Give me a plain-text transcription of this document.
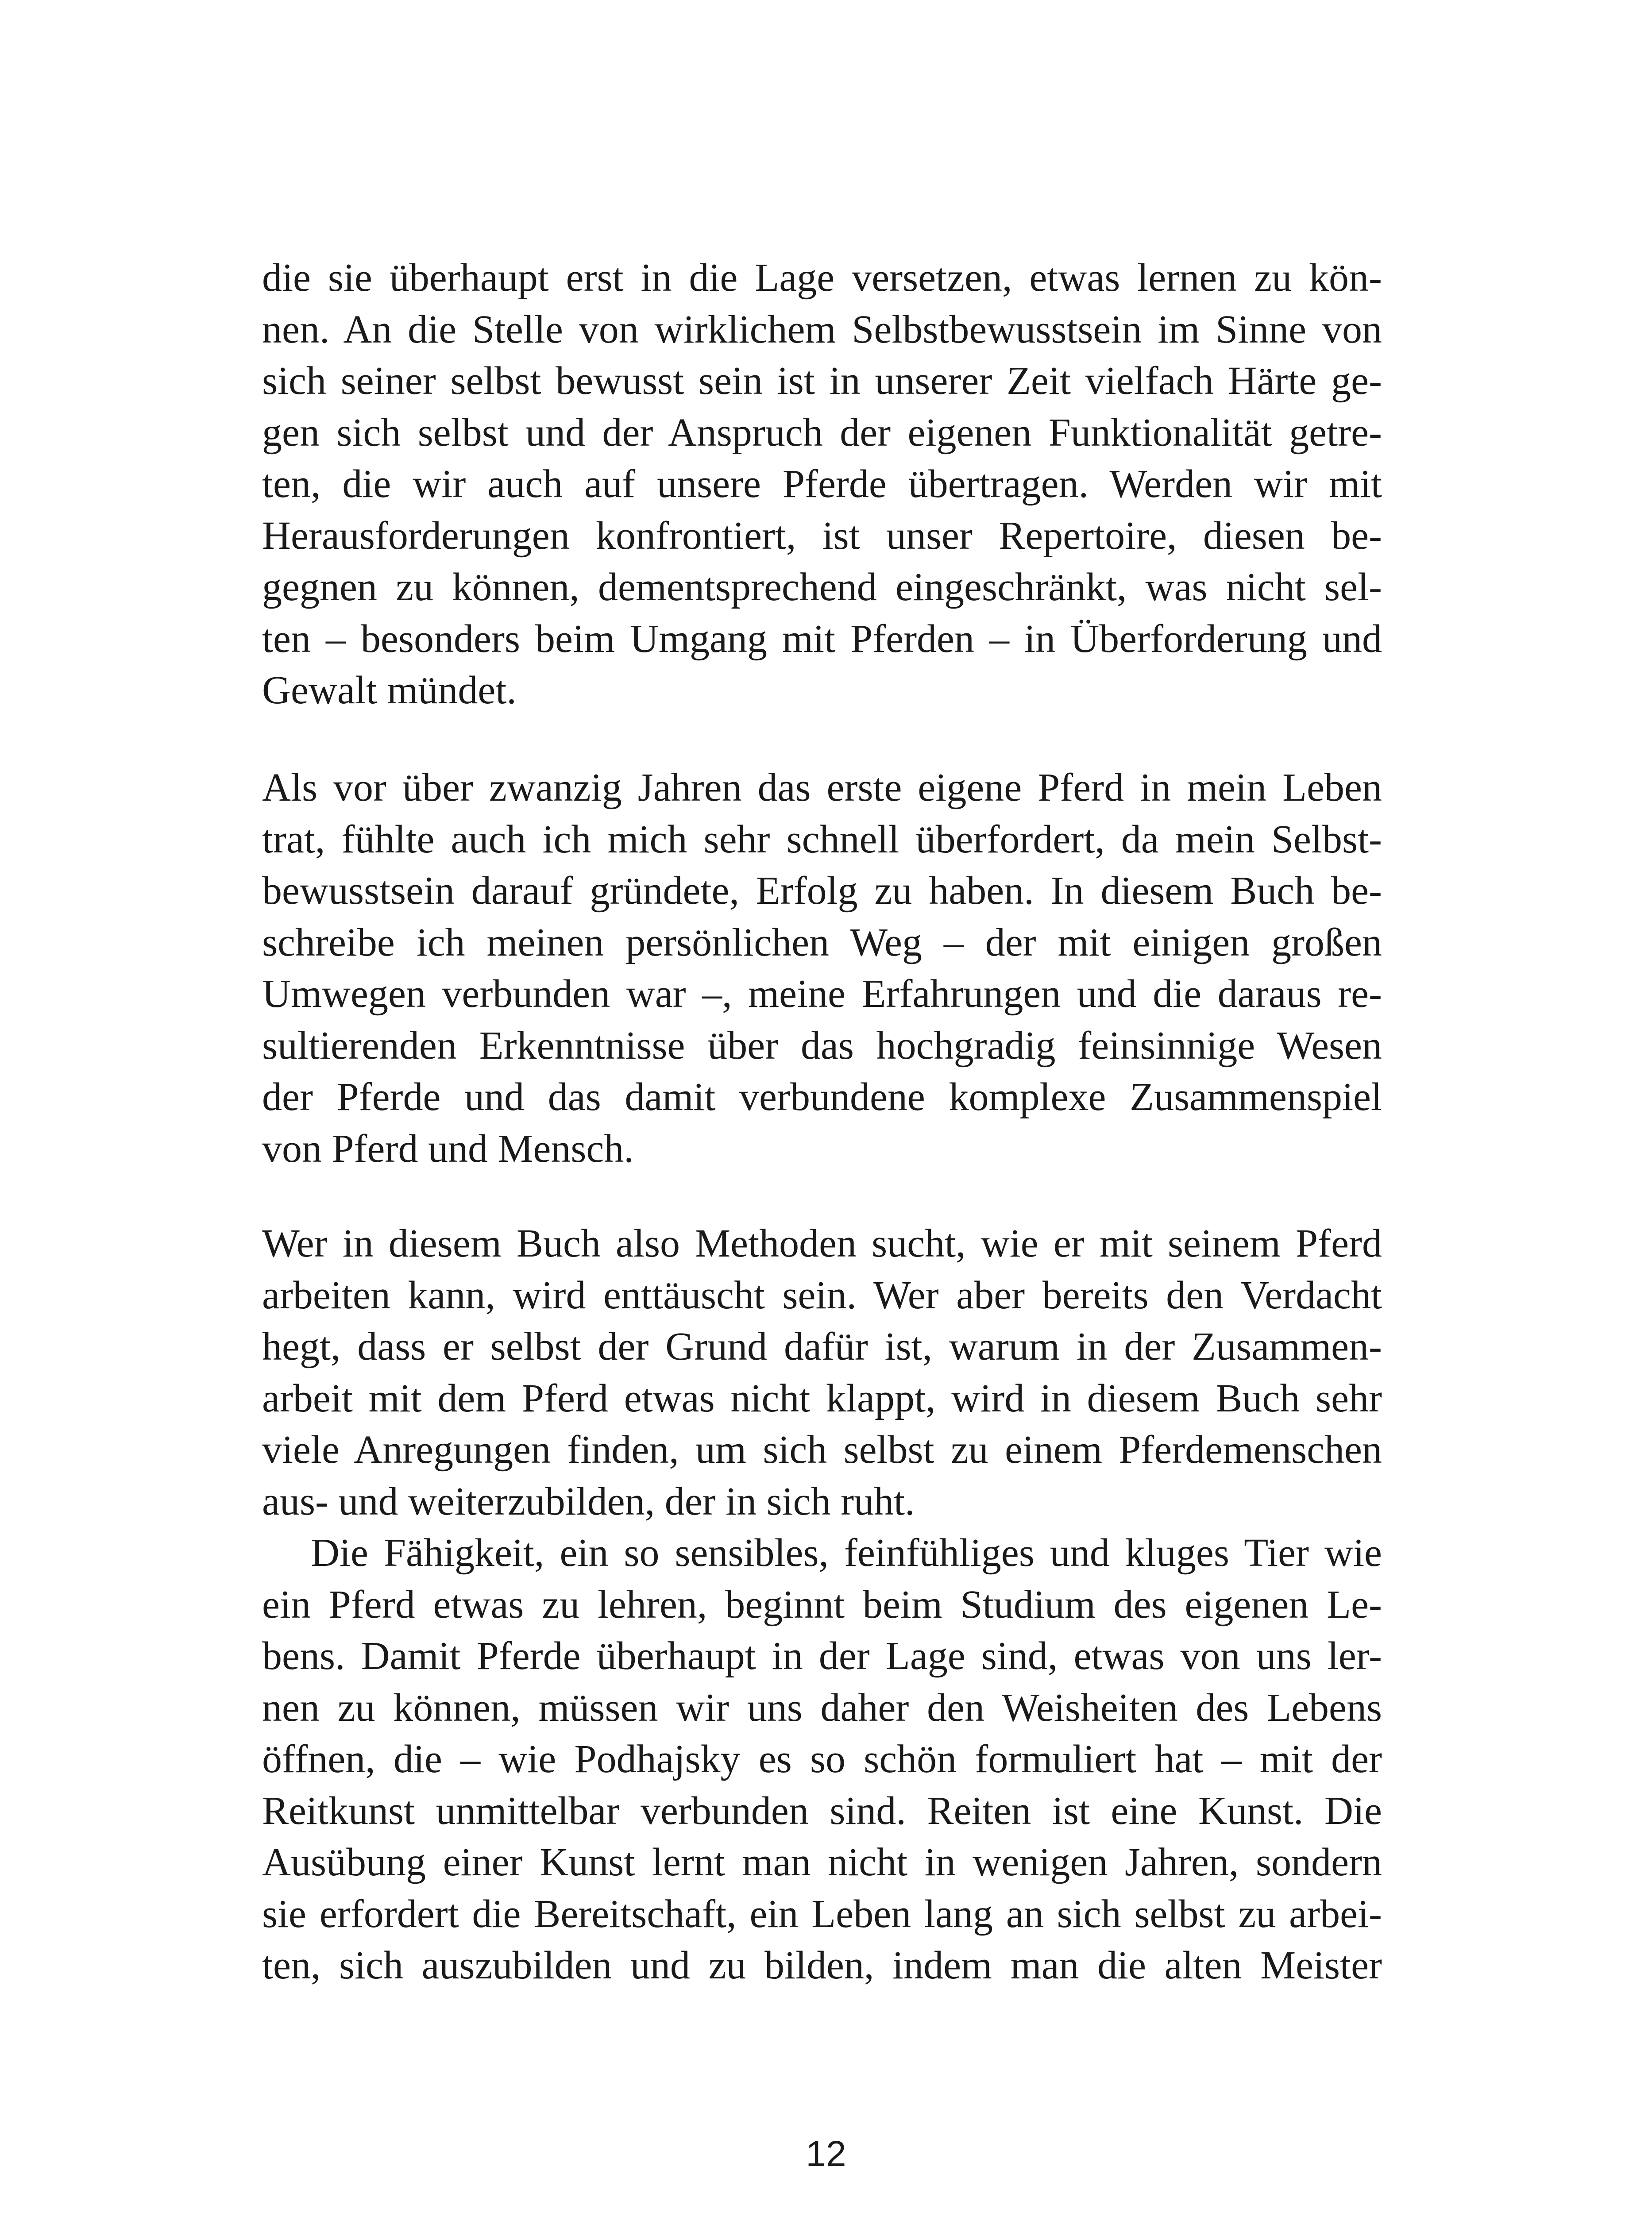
die sie überhaupt erst in die Lage versetzen, etwas lernen zu kön-
nen. An die Stelle von wirklichem Selbstbewusstsein im Sinne von
sich seiner selbst bewusst sein ist in unserer Zeit vielfach Härte ge-
gen sich selbst und der Anspruch der eigenen Funktionalität getre-
ten, die wir auch auf unsere Pferde übertragen. Werden wir mit
Herausforderungen konfrontiert, ist unser Repertoire, diesen be-
gegnen zu können, dementsprechend eingeschränkt, was nicht sel-
ten – besonders beim Umgang mit Pferden – in Überforderung und
Gewalt mündet.
Als vor über zwanzig Jahren das erste eigene Pferd in mein Leben
trat, fühlte auch ich mich sehr schnell überfordert, da mein Selbst-
bewusstsein darauf gründete, Erfolg zu haben. In diesem Buch be-
schreibe ich meinen persönlichen Weg – der mit einigen großen
Umwegen verbunden war –, meine Erfahrungen und die daraus re-
sultierenden Erkenntnisse über das hochgradig feinsinnige Wesen
der Pferde und das damit verbundene komplexe Zusammenspiel
von Pferd und Mensch.
Wer in diesem Buch also Methoden sucht, wie er mit seinem Pferd
arbeiten kann, wird enttäuscht sein. Wer aber bereits den Verdacht
hegt, dass er selbst der Grund dafür ist, warum in der Zusammen-
arbeit mit dem Pferd etwas nicht klappt, wird in diesem Buch sehr
viele Anregungen finden, um sich selbst zu einem Pferdemenschen
aus- und weiterzubilden, der in sich ruht.
Die Fähigkeit, ein so sensibles, feinfühliges und kluges Tier wie
ein Pferd etwas zu lehren, beginnt beim Studium des eigenen Le-
bens. Damit Pferde überhaupt in der Lage sind, etwas von uns ler-
nen zu können, müssen wir uns daher den Weisheiten des Lebens
öffnen, die – wie Podhajsky es so schön formuliert hat – mit der
Reitkunst unmittelbar verbunden sind. Reiten ist eine Kunst. Die
Ausübung einer Kunst lernt man nicht in wenigen Jahren, sondern
sie erfordert die Bereitschaft, ein Leben lang an sich selbst zu arbei-
ten, sich auszubilden und zu bilden, indem man die alten Meister
12
